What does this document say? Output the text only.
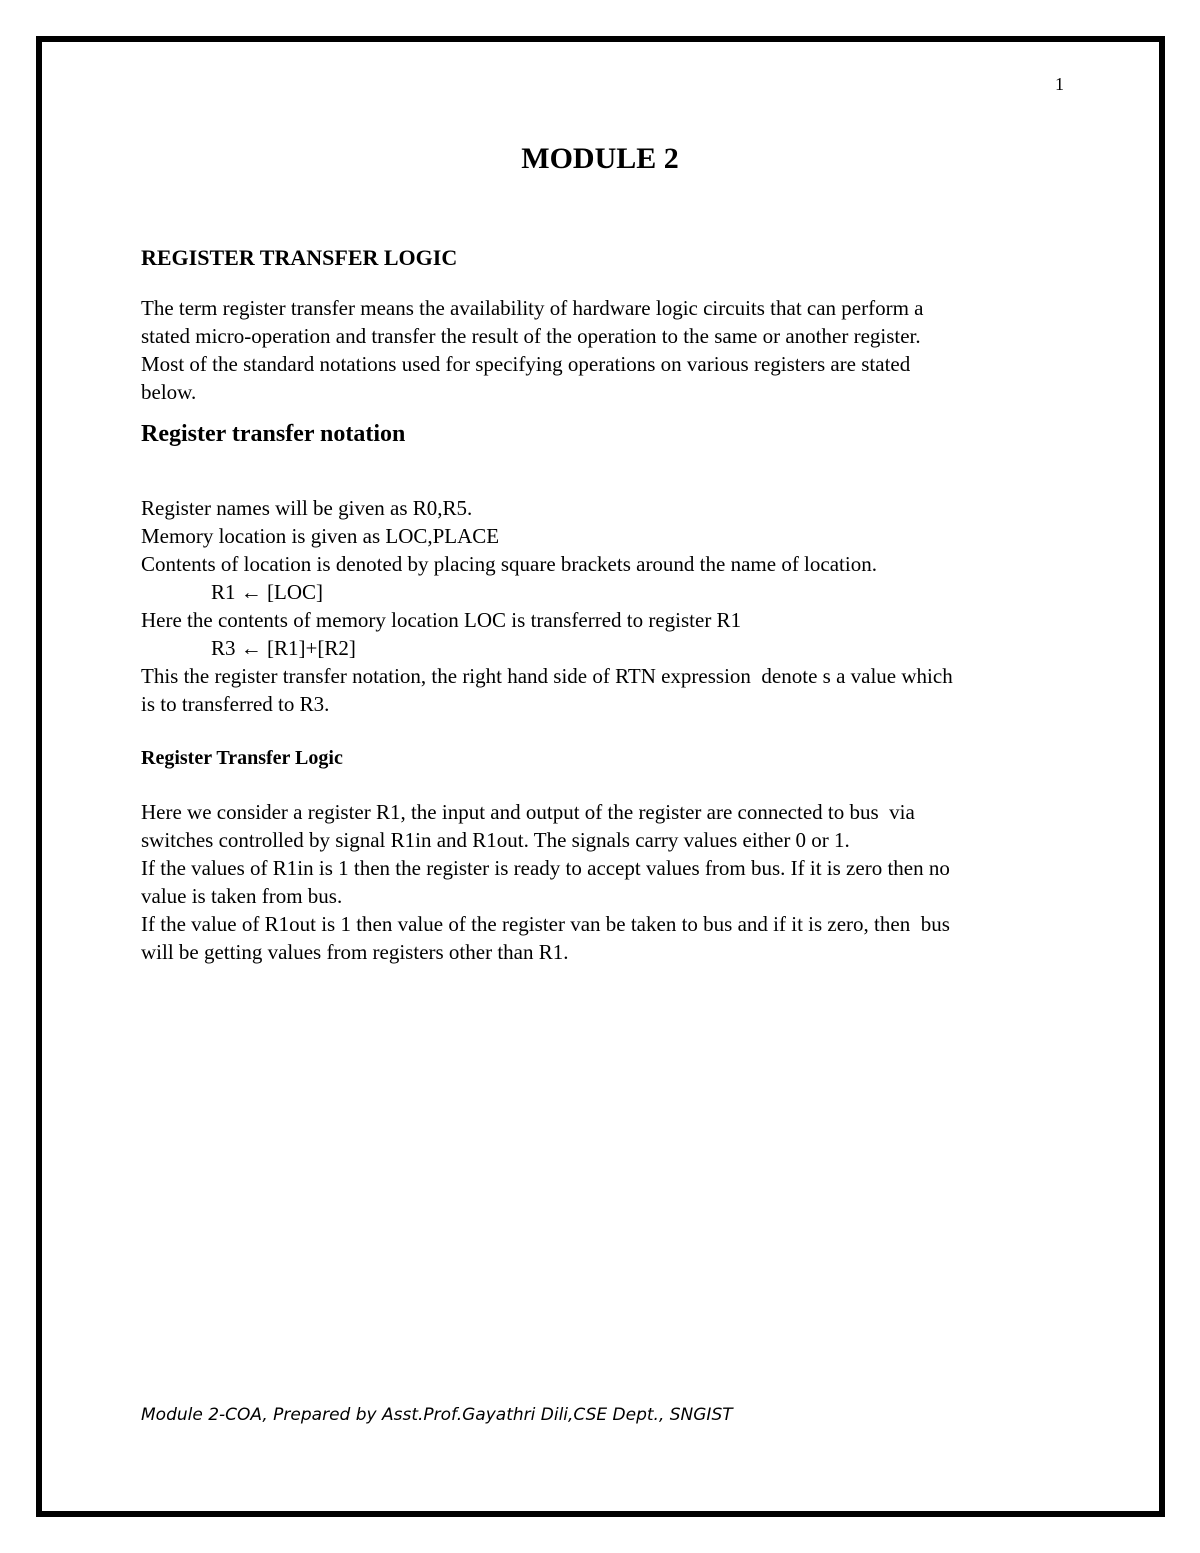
1
MODULE 2
REGISTER TRANSFER LOGIC
The term register transfer means the availability of hardware logic circuits that can perform a
stated micro-operation and transfer the result of the operation to the same or another register.
Most of the standard notations used for specifying operations on various registers are stated
below.
Register transfer notation
Register names will be given as R0,R5.
Memory location is given as LOC,PLACE
Contents of location is denoted by placing square brackets around the name of location.
R1 ← [LOC]
Here the contents of memory location LOC is transferred to register R1
R3 ← [R1]+[R2]
This the register transfer notation, the right hand side of RTN expression  denote s a value which
is to transferred to R3.
Register Transfer Logic
Here we consider a register R1, the input and output of the register are connected to bus  via
switches controlled by signal R1in and R1out. The signals carry values either 0 or 1.
If the values of R1in is 1 then the register is ready to accept values from bus. If it is zero then no
value is taken from bus.
If the value of R1out is 1 then value of the register van be taken to bus and if it is zero, then  bus
will be getting values from registers other than R1.
Module 2-COA, Prepared by Asst.Prof.Gayathri Dili,CSE Dept., SNGIST
